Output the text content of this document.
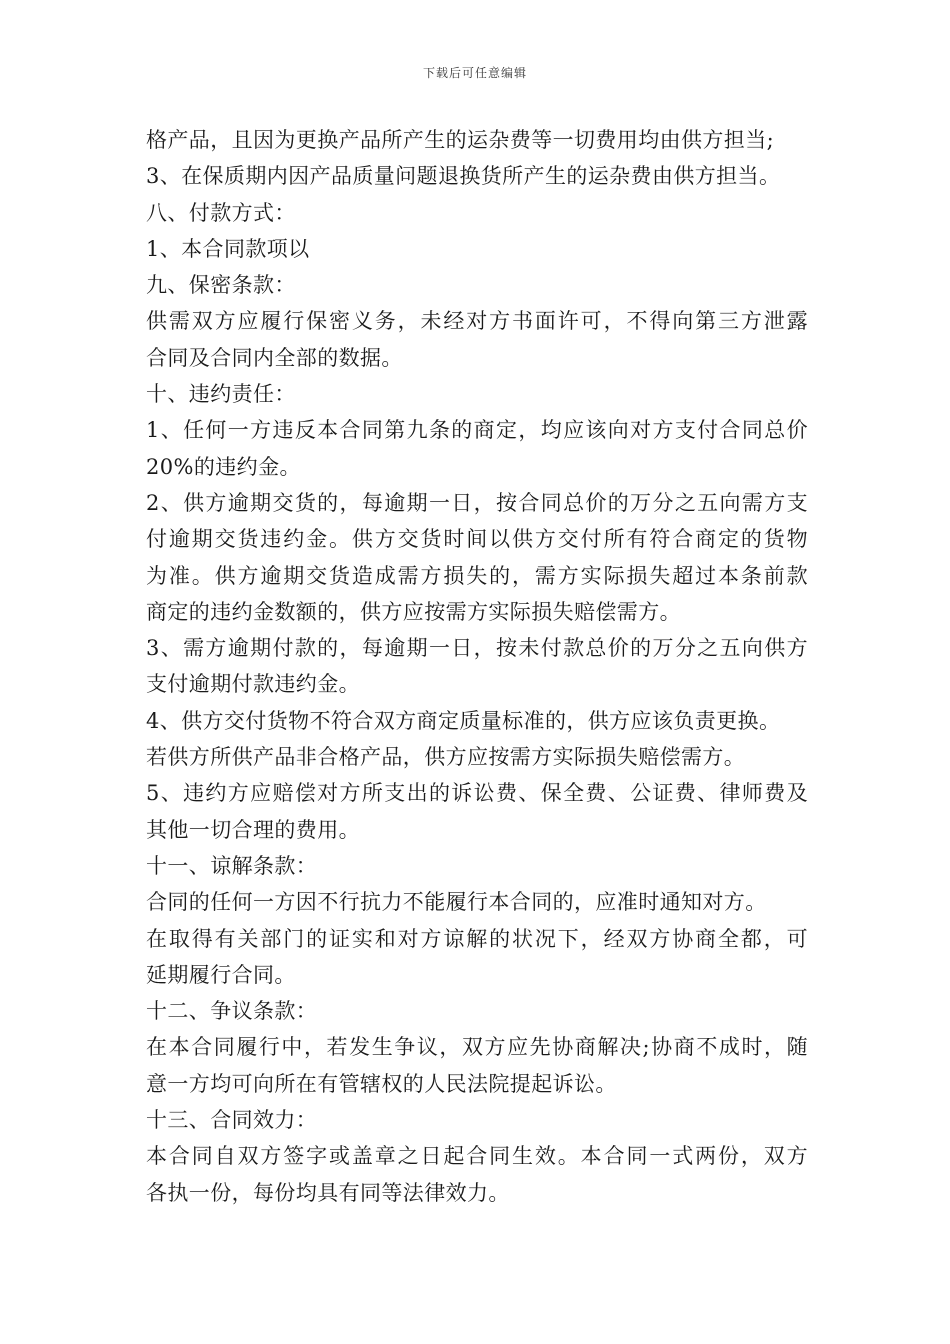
下载后可任意编辑
格产品，且因为更换产品所产生的运杂费等一切费用均由供方担当;
3、在保质期内因产品质量问题退换货所产生的运杂费由供方担当。
八、付款方式：
1、本合同款项以
九、保密条款：
供需双方应履行保密义务，未经对方书面许可，不得向第三方泄露
合同及合同内全部的数据。
十、违约责任：
1、任何一方违反本合同第九条的商定，均应该向对方支付合同总价
20%的违约金。
2、供方逾期交货的，每逾期一日，按合同总价的万分之五向需方支
付逾期交货违约金。供方交货时间以供方交付所有符合商定的货物
为准。供方逾期交货造成需方损失的，需方实际损失超过本条前款
商定的违约金数额的，供方应按需方实际损失赔偿需方。
3、需方逾期付款的，每逾期一日，按未付款总价的万分之五向供方
支付逾期付款违约金。
4、供方交付货物不符合双方商定质量标准的，供方应该负责更换。
若供方所供产品非合格产品，供方应按需方实际损失赔偿需方。
5、违约方应赔偿对方所支出的诉讼费、保全费、公证费、律师费及
其他一切合理的费用。
十一、谅解条款：
合同的任何一方因不行抗力不能履行本合同的，应准时通知对方。
在取得有关部门的证实和对方谅解的状况下，经双方协商全都，可
延期履行合同。
十二、争议条款：
在本合同履行中，若发生争议，双方应先协商解决;协商不成时，随
意一方均可向所在有管辖权的人民法院提起诉讼。
十三、合同效力：
本合同自双方签字或盖章之日起合同生效。本合同一式两份，双方
各执一份，每份均具有同等法律效力。
